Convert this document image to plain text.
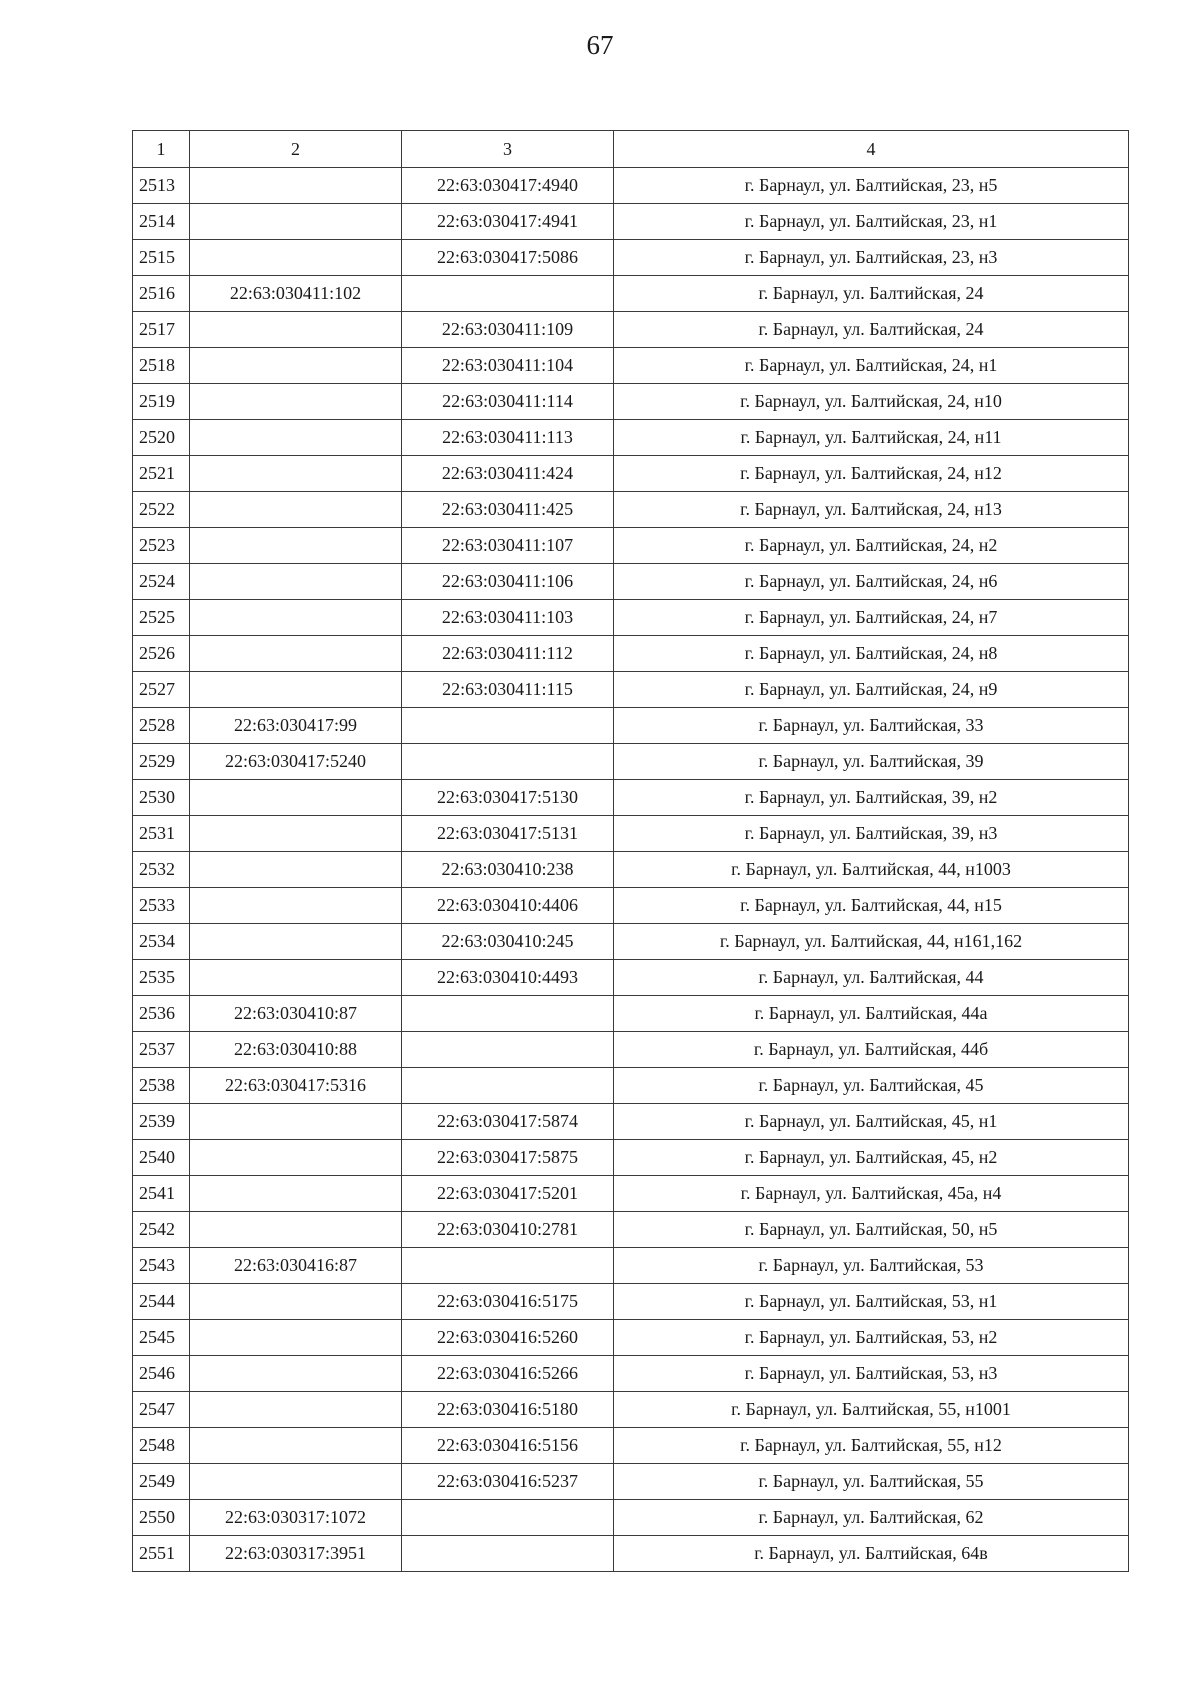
67
1	2	3	4
2513		22:63:030417:4940	г. Барнаул, ул. Балтийская, 23, н5
2514		22:63:030417:4941	г. Барнаул, ул. Балтийская, 23, н1
2515		22:63:030417:5086	г. Барнаул, ул. Балтийская, 23, н3
2516	22:63:030411:102		г. Барнаул, ул. Балтийская, 24
2517		22:63:030411:109	г. Барнаул, ул. Балтийская, 24
2518		22:63:030411:104	г. Барнаул, ул. Балтийская, 24, н1
2519		22:63:030411:114	г. Барнаул, ул. Балтийская, 24, н10
2520		22:63:030411:113	г. Барнаул, ул. Балтийская, 24, н11
2521		22:63:030411:424	г. Барнаул, ул. Балтийская, 24, н12
2522		22:63:030411:425	г. Барнаул, ул. Балтийская, 24, н13
2523		22:63:030411:107	г. Барнаул, ул. Балтийская, 24, н2
2524		22:63:030411:106	г. Барнаул, ул. Балтийская, 24, н6
2525		22:63:030411:103	г. Барнаул, ул. Балтийская, 24, н7
2526		22:63:030411:112	г. Барнаул, ул. Балтийская, 24, н8
2527		22:63:030411:115	г. Барнаул, ул. Балтийская, 24, н9
2528	22:63:030417:99		г. Барнаул, ул. Балтийская, 33
2529	22:63:030417:5240		г. Барнаул, ул. Балтийская, 39
2530		22:63:030417:5130	г. Барнаул, ул. Балтийская, 39, н2
2531		22:63:030417:5131	г. Барнаул, ул. Балтийская, 39, н3
2532		22:63:030410:238	г. Барнаул, ул. Балтийская, 44, н1003
2533		22:63:030410:4406	г. Барнаул, ул. Балтийская, 44, н15
2534		22:63:030410:245	г. Барнаул, ул. Балтийская, 44, н161,162
2535		22:63:030410:4493	г. Барнаул, ул. Балтийская, 44
2536	22:63:030410:87		г. Барнаул, ул. Балтийская, 44а
2537	22:63:030410:88		г. Барнаул, ул. Балтийская, 44б
2538	22:63:030417:5316		г. Барнаул, ул. Балтийская, 45
2539		22:63:030417:5874	г. Барнаул, ул. Балтийская, 45, н1
2540		22:63:030417:5875	г. Барнаул, ул. Балтийская, 45, н2
2541		22:63:030417:5201	г. Барнаул, ул. Балтийская, 45а, н4
2542		22:63:030410:2781	г. Барнаул, ул. Балтийская, 50, н5
2543	22:63:030416:87		г. Барнаул, ул. Балтийская, 53
2544		22:63:030416:5175	г. Барнаул, ул. Балтийская, 53, н1
2545		22:63:030416:5260	г. Барнаул, ул. Балтийская, 53, н2
2546		22:63:030416:5266	г. Барнаул, ул. Балтийская, 53, н3
2547		22:63:030416:5180	г. Барнаул, ул. Балтийская, 55, н1001
2548		22:63:030416:5156	г. Барнаул, ул. Балтийская, 55, н12
2549		22:63:030416:5237	г. Барнаул, ул. Балтийская, 55
2550	22:63:030317:1072		г. Барнаул, ул. Балтийская, 62
2551	22:63:030317:3951		г. Барнаул, ул. Балтийская, 64в
